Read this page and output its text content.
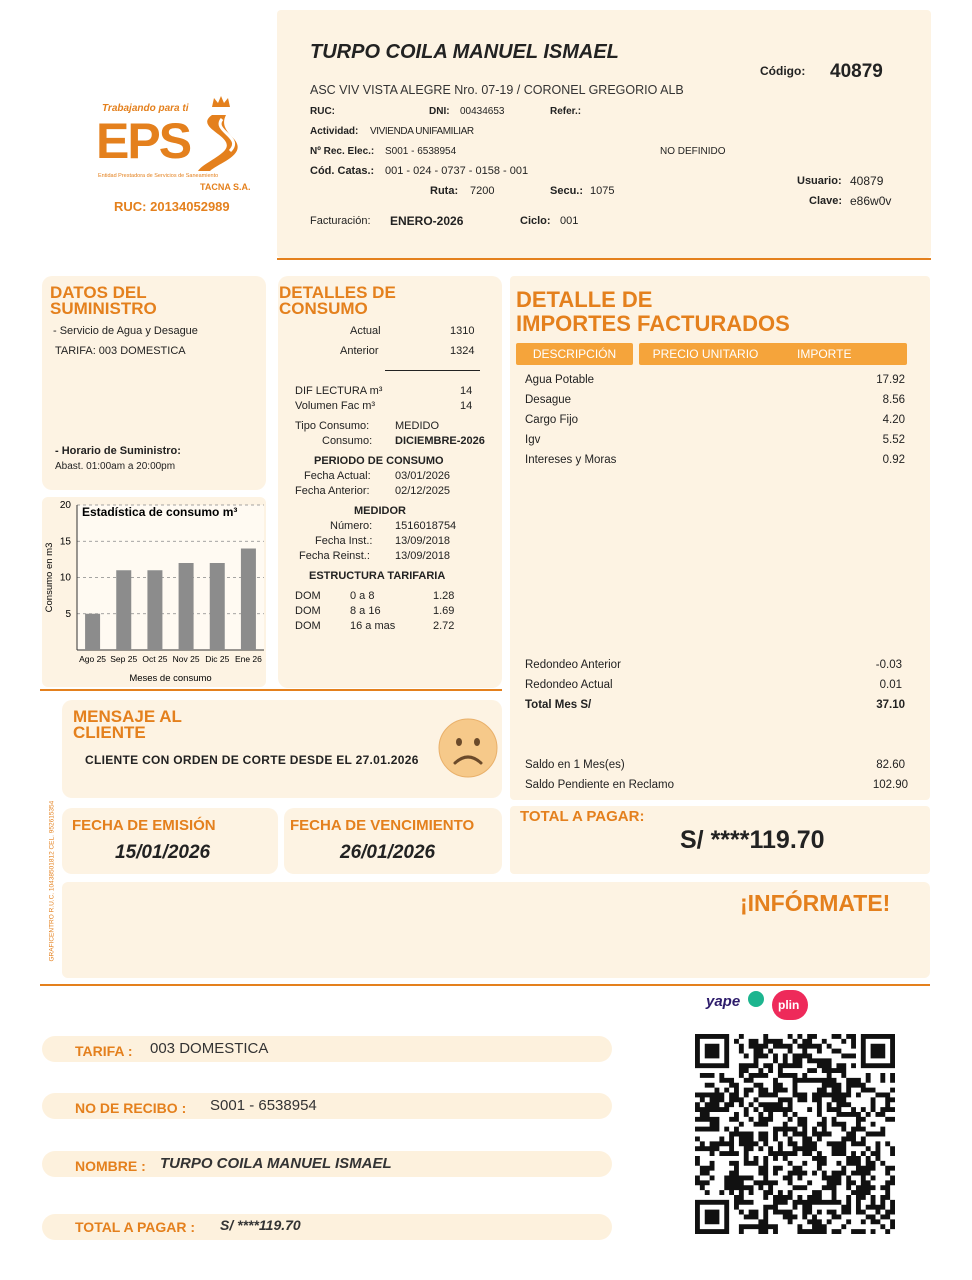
Trabajando para ti
EPS
Entidad Prestadora de Servicios de Saneamiento
TACNA S.A.
RUC: 20134052989
TURPO COILA MANUEL ISMAEL
ASC VIV VISTA ALEGRE Nro. 07-19 / CORONEL GREGORIO ALB
Código: 40879
RUC:	DNI: 00434653	Refer.:
Actividad: VIVIENDA UNIFAMILIAR
Nº Rec. Elec.: S001 - 6538954	NO DEFINIDO
Cód. Catas.: 001 - 024 - 0737 - 0158 - 001
Ruta: 7200	Secu.: 1075
Usuario: 40879
Clave: e86w0v
Facturación: ENERO-2026	Ciclo: 001
DATOS DEL
SUMINISTRO
- Servicio de Agua y Desague
TARIFA: 003 DOMESTICA
- Horario de Suministro:
Abast. 01:00am a 20:00pm
5
10
15
20
Ago 25 Sep 25 Oct 25 Nov 25 Dic 25 Ene 26
Estadística de consumo m³
Meses de consumo
Consumo en m3
DETALLES DE
CONSUMO
Actual	1310
Anterior	1324
DIF LECTURA m³	14
Volumen Fac m³	14
Tipo Consumo: MEDIDO
Consumo: DICIEMBRE-2026
PERIODO DE CONSUMO
Fecha Actual: 03/01/2026
Fecha Anterior: 02/12/2025
MEDIDOR
Número: 1516018754
Fecha Inst.: 13/09/2018
Fecha Reinst.: 13/09/2018
ESTRUCTURA TARIFARIA
DOM	0 a 8	1.28
DOM	8 a 16	1.69
DOM	16 a mas	2.72
DETALLE DE
IMPORTES FACTURADOS
DESCRIPCIÓN	PRECIO UNITARIO	IMPORTE
Agua Potable	17.92
Desague	8.56
Cargo Fijo	4.20
Igv	5.52
Intereses y Moras	0.92
Redondeo Anterior	-0.03
Redondeo Actual	0.01
Total Mes S/	37.10
Saldo en 1 Mes(es)	82.60
Saldo Pendiente en Reclamo	102.90
MENSAJE AL
CLIENTE
CLIENTE CON ORDEN DE CORTE DESDE EL 27.01.2026
GRAFICENTRO R.U.C. 10438501812 CEL. 952615354 FECHA DE EMISIÓN
15/01/2026
FECHA DE VENCIMIENTO
26/01/2026
TOTAL A PAGAR:
S/ ****119.70
¡INFÓRMATE!
yape	plin
TARIFA : 003 DOMESTICA
NO DE RECIBO : S001 - 6538954
NOMBRE : TURPO COILA MANUEL ISMAEL
TOTAL A PAGAR : S/ ****119.70
